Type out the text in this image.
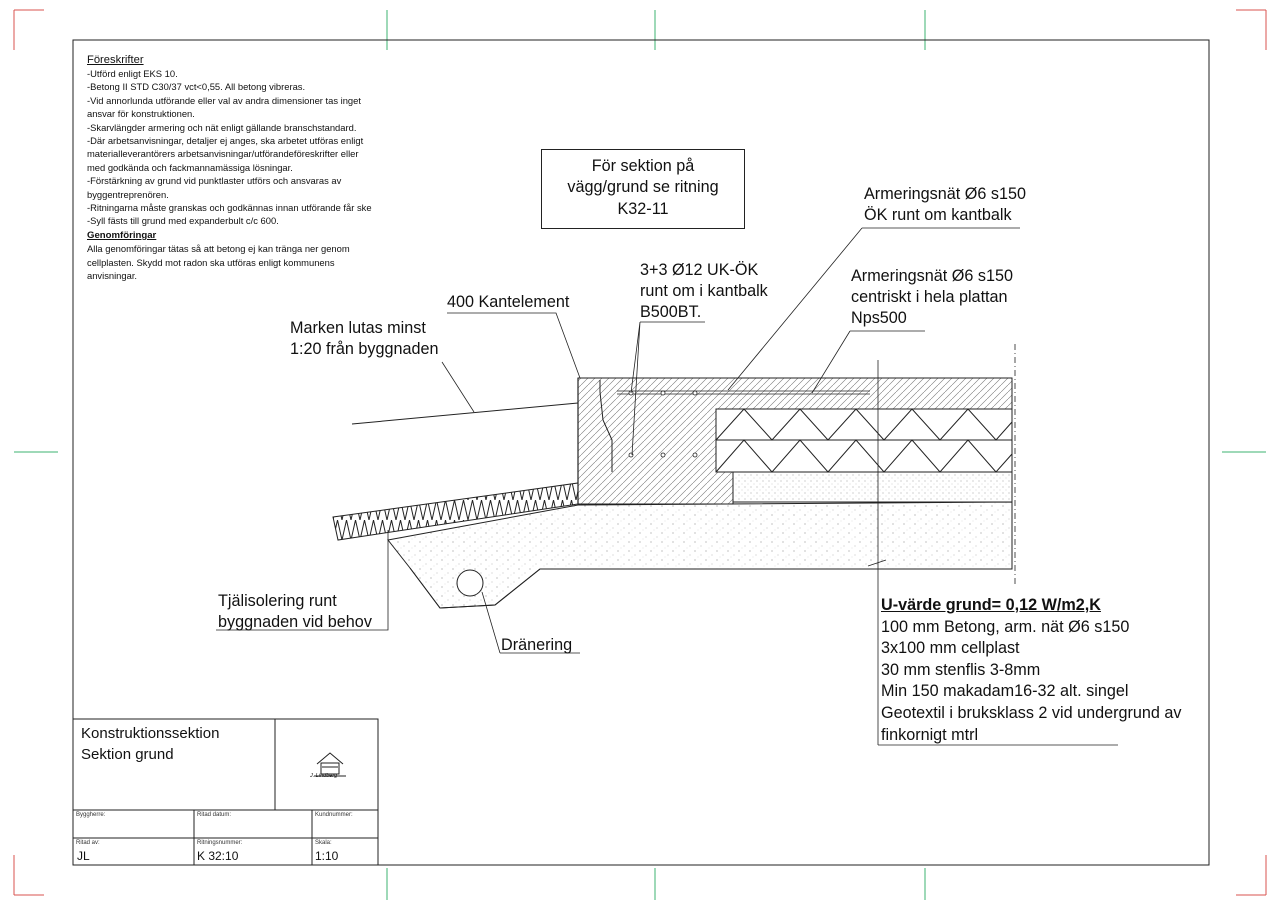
Föreskrifter
-Utförd enligt EKS 10.
-Betong II STD C30/37 vct<0,55. All betong vibreras.
-Vid annorlunda utförande eller val av andra dimensioner tas inget
ansvar för konstruktionen.
-Skarvlängder armering och nät enligt gällande branschstandard.
-Där arbetsanvisningar, detaljer ej anges, ska arbetet utföras enligt
materialleverantörers arbetsanvisningar/utförandeföreskrifter eller
med godkända och fackmannamässiga lösningar.
-Förstärkning av grund vid punktlaster utförs och ansvaras av
byggentreprenören.
-Ritningarna måste granskas och godkännas innan utförande får ske
-Syll fästs till grund med expanderbult c/c 600.
Genomföringar
Alla genomföringar tätas så att betong ej kan tränga ner genom
cellplasten. Skydd mot radon ska utföras enligt kommunens
anvisningar.
För sektion på
vägg/grund se ritning
K32-11
Armeringsnät Ø6 s150
ÖK runt om kantbalk
Armeringsnät Ø6 s150
centriskt i hela plattan
Nps500
3+3 Ø12 UK-ÖK
runt om i kantbalk
B500BT.
400 Kantelement
Marken lutas minst
1:20 från byggnaden
Tjälisolering runt
byggnaden vid behov
Dränering
U-värde grund= 0,12 W/m2,K
100 mm Betong, arm. nät Ø6 s150
3x100 mm cellplast
30 mm stenflis 3-8mm
Min 150 makadam16-32 alt. singel
Geotextil i bruksklass 2 vid undergrund av
finkornigt mtrl
Konstruktionssektion
Sektion grund
J. Lindberg
Byggherre:	Ritad datum:	Kundnummer:
Ritad av:
JL
Ritningsnummer:
K 32:10
Skala:
1:10
